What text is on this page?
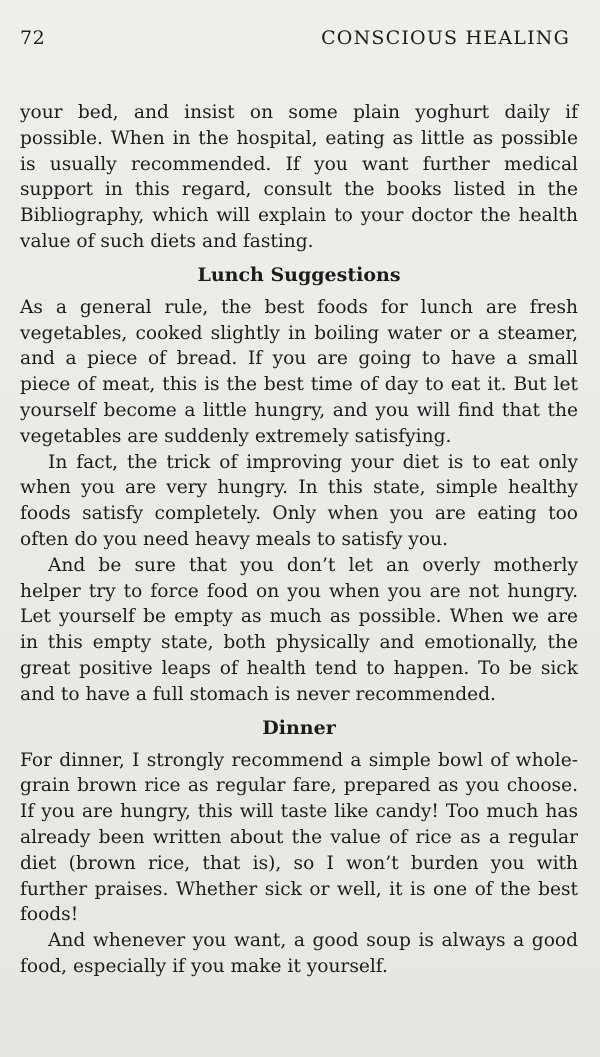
72	CONSCIOUS HEALING

your bed, and insist on some plain yoghurt daily if possible. When in the hospital, eating as little as possible is usually recommended. If you want further medical support in this regard, consult the books listed in the Bibliography, which will explain to your doctor the health value of such diets and fasting.

Lunch Suggestions

As a general rule, the best foods for lunch are fresh vegetables, cooked slightly in boiling water or a steamer, and a piece of bread. If you are going to have a small piece of meat, this is the best time of day to eat it. But let yourself become a little hungry, and you will find that the vegetables are suddenly extremely satisfying.

In fact, the trick of improving your diet is to eat only when you are very hungry. In this state, simple healthy foods satisfy completely. Only when you are eating too often do you need heavy meals to satisfy you.

And be sure that you don’t let an overly motherly helper try to force food on you when you are not hungry. Let yourself be empty as much as possible. When we are in this empty state, both physically and emotionally, the great positive leaps of health tend to happen. To be sick and to have a full stomach is never recommended.

Dinner

For dinner, I strongly recommend a simple bowl of whole-grain brown rice as regular fare, prepared as you choose. If you are hungry, this will taste like candy! Too much has already been written about the value of rice as a regular diet (brown rice, that is), so I won’t burden you with further praises. Whether sick or well, it is one of the best foods!

And whenever you want, a good soup is always a good food, especially if you make it yourself.
